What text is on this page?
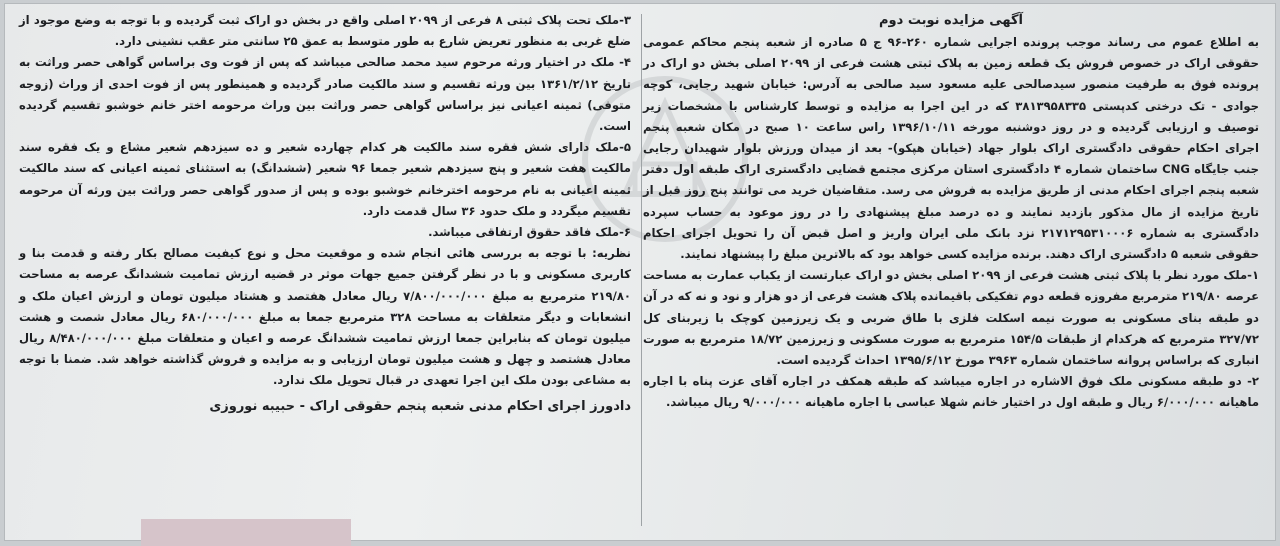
آگهی مزایده نوبت دوم

به اطلاع عموم می رساند موجب پرونده اجرایی شماره ۲۶۰-۹۶ ج ۵ صادره از شعبه پنجم محاکم عمومی حقوقی اراک در خصوص فروش یک قطعه زمین به پلاک ثبتی هشت فرعی از ۲۰۹۹ اصلی بخش دو اراک در پرونده فوق به طرفیت منصور سیدصالحی علیه مسعود سید صالحی به آدرس: خیابان شهید رجایی، کوچه جوادی - تک درختی کدپستی ۳۸۱۳۹۵۸۳۳۵ که در این اجرا به مزایده و توسط کارشناس با مشخصات زیر توصیف و ارزیابی گردیده و در روز دوشنبه مورخه ۱۳۹۶/۱۰/۱۱ راس ساعت ۱۰ صبح در مکان شعبه پنجم اجرای احکام حقوقی دادگستری اراک بلوار جهاد (خیابان هپکو)- بعد از میدان ورزش بلوار شهیدان رجایی جنب جایگاه CNG ساختمان شماره ۴ دادگستری استان مرکزی مجتمع قضایی دادگستری اراک طبقه اول دفتر شعبه پنجم اجرای احکام مدنی از طریق مزایده به فروش می رسد. متقاضیان خرید می توانند پنج روز قبل از تاریخ مزایده از مال مذکور بازدید نمایند و ده درصد مبلغ پیشنهادی را در روز موعود به حساب سپرده دادگستری به شماره ۲۱۷۱۲۹۵۳۱۰۰۰۶ نزد بانک ملی ایران واریز و اصل قبض آن را تحویل اجرای احکام حقوقی شعبه ۵ دادگستری اراک دهند. برنده مزایده کسی خواهد بود که بالاترین مبلغ را پیشنهاد نمایند.

۱-ملک مورد نظر با پلاک ثبتی هشت فرعی از ۲۰۹۹ اصلی بخش دو اراک عبارتست از یکباب عمارت به مساحت عرصه ۲۱۹/۸۰ مترمربع مفروزه قطعه دوم تفکیکی باقیمانده پلاک هشت فرعی از دو هزار و نود و نه که در آن دو طبقه بنای مسکونی به صورت نیمه اسکلت فلزی با طاق ضربی و یک زیرزمین کوچک با زیربنای کل ۳۲۷/۷۲ مترمربع که هرکدام از طبقات ۱۵۴/۵ مترمربع به صورت مسکونی و زیرزمین ۱۸/۷۲ مترمربع به صورت انباری که براساس پروانه ساختمان شماره ۳۹۶۳ مورخ ۱۳۹۵/۶/۱۲ احداث گردیده است.

۲- دو طبقه مسکونی ملک فوق الاشاره در اجاره میباشد که طبقه همکف در اجاره آقای عزت پناه با اجاره ماهیانه ۶/۰۰۰/۰۰۰ ریال و طبقه اول در اختیار خانم شهلا عباسی با اجاره ماهیانه ۹/۰۰۰/۰۰۰ ریال میباشد.

۳-ملک تحت پلاک ثبتی ۸ فرعی از ۲۰۹۹ اصلی واقع در بخش دو اراک ثبت گردیده و با توجه به وضع موجود از ضلع غربی به منظور تعریض شارع به طور متوسط به عمق ۲۵ سانتی متر عقب نشینی دارد.

۴- ملک در اختیار ورثه مرحوم سید محمد صالحی میباشد که پس از فوت وی براساس گواهی حصر وراثت به تاریخ ۱۳۶۱/۲/۱۲ بین ورثه تقسیم و سند مالکیت صادر گردیده و همینطور پس از فوت احدی از وراث (زوجه متوفی) ثمینه اعیانی نیز براساس گواهی حصر وراثت بین وراث مرحومه اختر خانم خوشبو تقسیم گردیده است.

۵-ملک دارای شش فقره سند مالکیت هر کدام چهارده شعیر و ده سیزدهم شعیر مشاع و یک فقره سند مالکیت هفت شعیر و پنج سیزدهم شعیر جمعا ۹۶ شعیر (ششدانگ) به استثنای ثمینه اعیانی که سند مالکیت ثمینه اعیانی به نام مرحومه اخترخانم خوشبو بوده و پس از صدور گواهی حصر وراثت بین ورثه آن مرحومه تقسیم میگردد و ملک حدود ۳۶ سال قدمت دارد.

۶-ملک فاقد حقوق ارتفاقی میباشد.

نظریه: با توجه به بررسی هائی انجام شده و موقعیت محل و نوع کیفیت مصالح بکار رفته و قدمت بنا و کاربری مسکونی و با در نظر گرفتن جمیع جهات موثر در قضیه ارزش تمامیت ششدانگ عرصه به مساحت ۲۱۹/۸۰ مترمربع به مبلغ ۷/۸۰۰/۰۰۰/۰۰۰ ریال معادل هفتصد و هشتاد میلیون تومان و ارزش اعیان ملک و انشعابات و دیگر متعلقات به مساحت ۳۲۸ مترمربع جمعا به مبلغ ۶۸۰/۰۰۰/۰۰۰ ریال معادل شصت و هشت میلیون تومان که بنابراین جمعا ارزش تمامیت ششدانگ عرصه و اعیان و متعلقات مبلغ ۸/۴۸۰/۰۰۰/۰۰۰ ریال معادل هشتصد و چهل و هشت میلیون تومان ارزیابی و به مزایده و فروش گذاشته خواهد شد. ضمنا با توجه به مشاعی بودن ملک این اجرا تعهدی در قبال تحویل ملک ندارد.

دادورز اجرای احکام مدنی شعبه پنجم حقوقی اراک - حبیبه نوروزی
